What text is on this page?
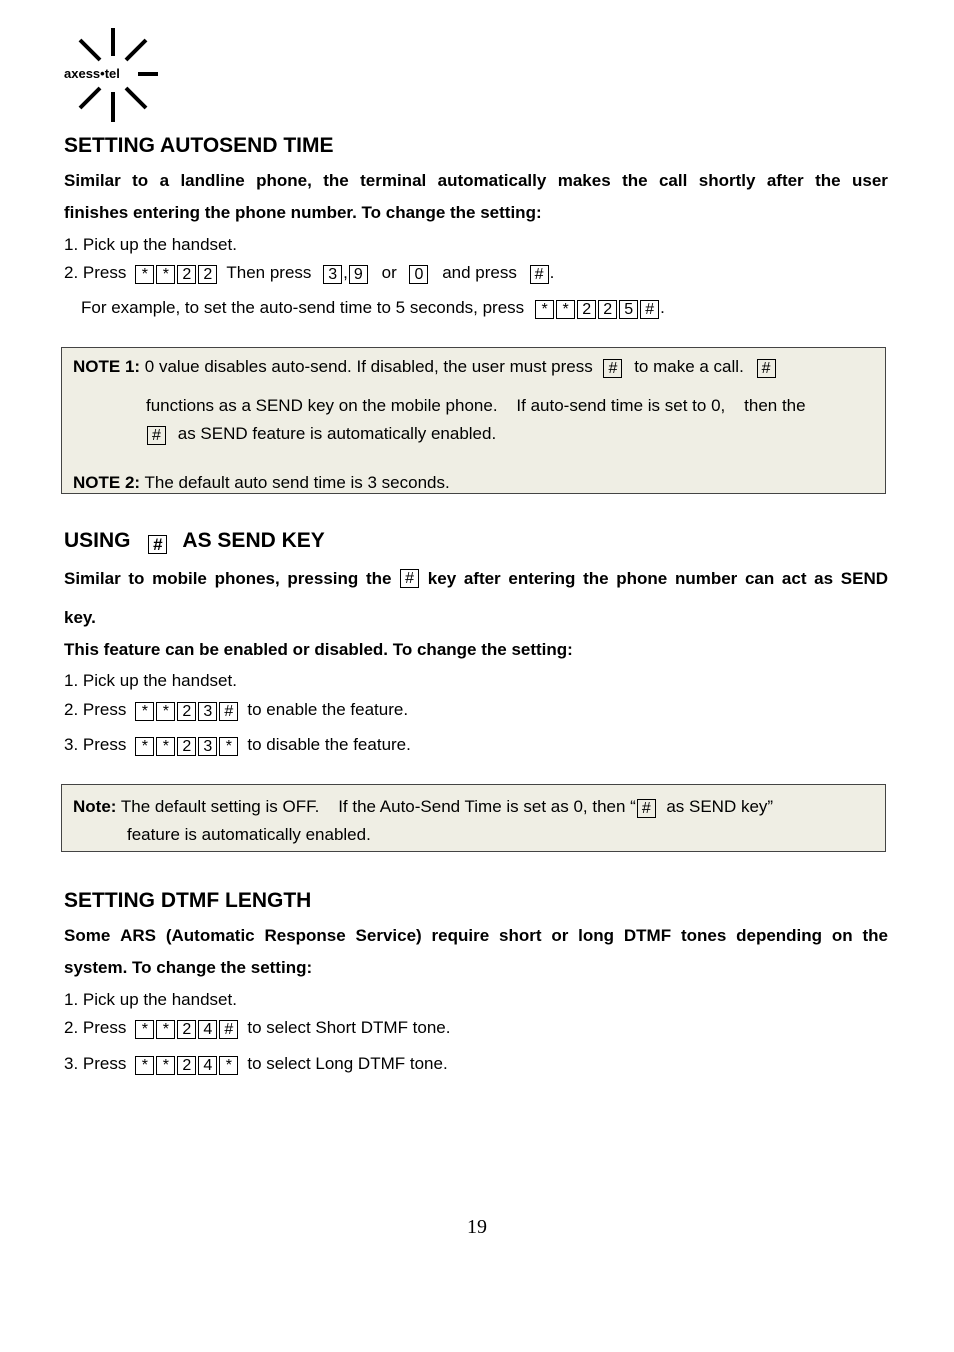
axess•tel
SETTING AUTOSEND TIME
Similar to a landline phone, the terminal automatically makes the call shortly after the user
finishes entering the phone number. To change the setting:
1. Pick up the handset.
2. Press * * 2 2 Then press 3 , 9 or 0 and press # .
For example, to set the auto-send time to 5 seconds, press * * 2 2 5 # .
NOTE 1: 0 value disables auto-send. If disabled, the user must press # to make a call. #
functions as a SEND key on the mobile phone.    If auto-send time is set to 0,    then the
# as SEND feature is automatically enabled.
NOTE 2: The default auto send time is 3 seconds.
USING # AS SEND KEY
Similar to mobile phones, pressing the # key after entering the phone number can act as SEND
key.
This feature can be enabled or disabled. To change the setting:
1. Pick up the handset.
2. Press * * 2 3 # to enable the feature.
3. Press * * 2 3 * to disable the feature.
Note: The default setting is OFF.    If the Auto-Send Time is set as 0, then “ # as SEND key”
feature is automatically enabled.
SETTING DTMF LENGTH
Some ARS (Automatic Response Service) require short or long DTMF tones depending on the
system. To change the setting:
1. Pick up the handset.
2. Press * * 2 4 # to select Short DTMF tone.
3. Press * * 2 4 * to select Long DTMF tone.
19
